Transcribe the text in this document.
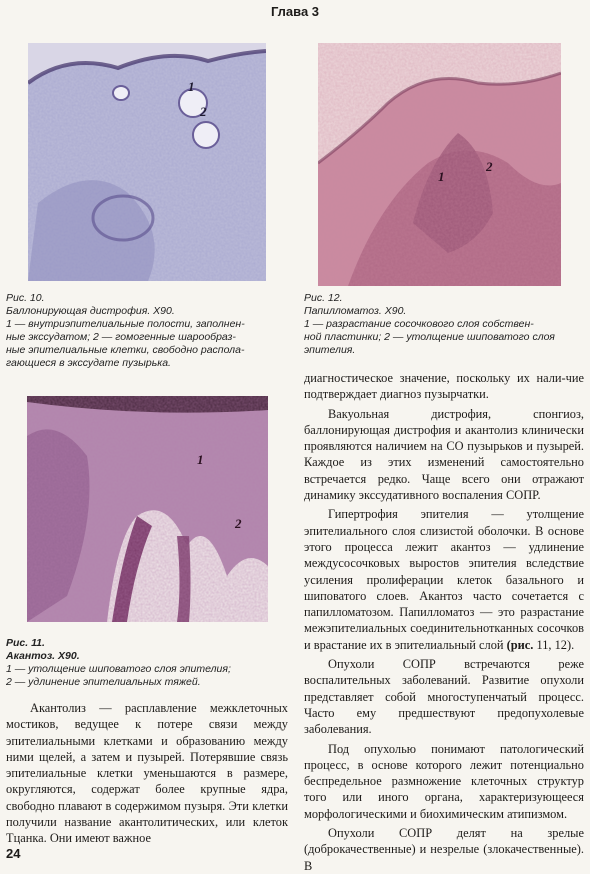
Глава 3
1
2
1
2
Рис. 10.
Баллонирующая дистрофия. Х90.
1 — внутриэпителиальные полости, заполнен-
ные экссудатом; 2 — гомогенные шарообраз-
ные эпителиальные клетки, свободно распола-
гающиеся в экссудате пузырька.
Рис. 12.
Папилломатоз. Х90.
1 — разрастание сосочкового слоя собствен-
ной пластинки; 2 — утолщение шиповатого слоя
эпителия.
1
2
Рис. 11.
Акантоз. Х90.
1 — утолщение шиповатого слоя эпителия;
2 — удлинение эпителиальных тяжей.

диагностическое значение, поскольку их нали-чие подтверждает диагноз пузырчатки.

Вакуольная дистрофия, спонгиоз, баллонирующая дистрофия и акантолиз клинически проявляются наличием на СО пузырьков и пузырей. Каждое из этих изменений самостоятельно встречается редко. Чаще всего они отражают динамику экссудативного воспаления СОПР.

Гипертрофия эпителия — утолщение эпителиального слоя слизистой оболочки. В основе этого процесса лежит акантоз — удлинение междусосочковых выростов эпителия вследствие усиления пролиферации клеток базального и шиповатого слоев. Акантоз часто сочетается с папилломатозом. Папилломатоз — это разрастание межэпителиальных соединительнотканных сосочков и врастание их в эпителиальный слой (рис. 11, 12).

Опухоли СОПР встречаются реже воспалительных заболеваний. Развитие опухоли представляет собой многоступенчатый процесс. Часто ему предшествуют предопухолевые заболевания.

Под опухолью понимают патологический процесс, в основе которого лежит потенциально беспредельное размножение клеточных структур того или иного органа, характеризующееся морфологическими и биохимическим атипизмом.

Опухоли СОПР делят на зрелые (доброкачественные) и незрелые (злокачественные). В

Акантолиз — расплавление межклеточных мостиков, ведущее к потере связи между эпителиальными клетками и образованию между ними щелей, а затем и пузырей. Потерявшие связь эпителиальные клетки уменьшаются в размере, округляются, содержат более крупные ядра, свободно плавают в содержимом пузыря. Эти клетки получили название акантолитических, или клеток Тцанка. Они имеют важное

24
